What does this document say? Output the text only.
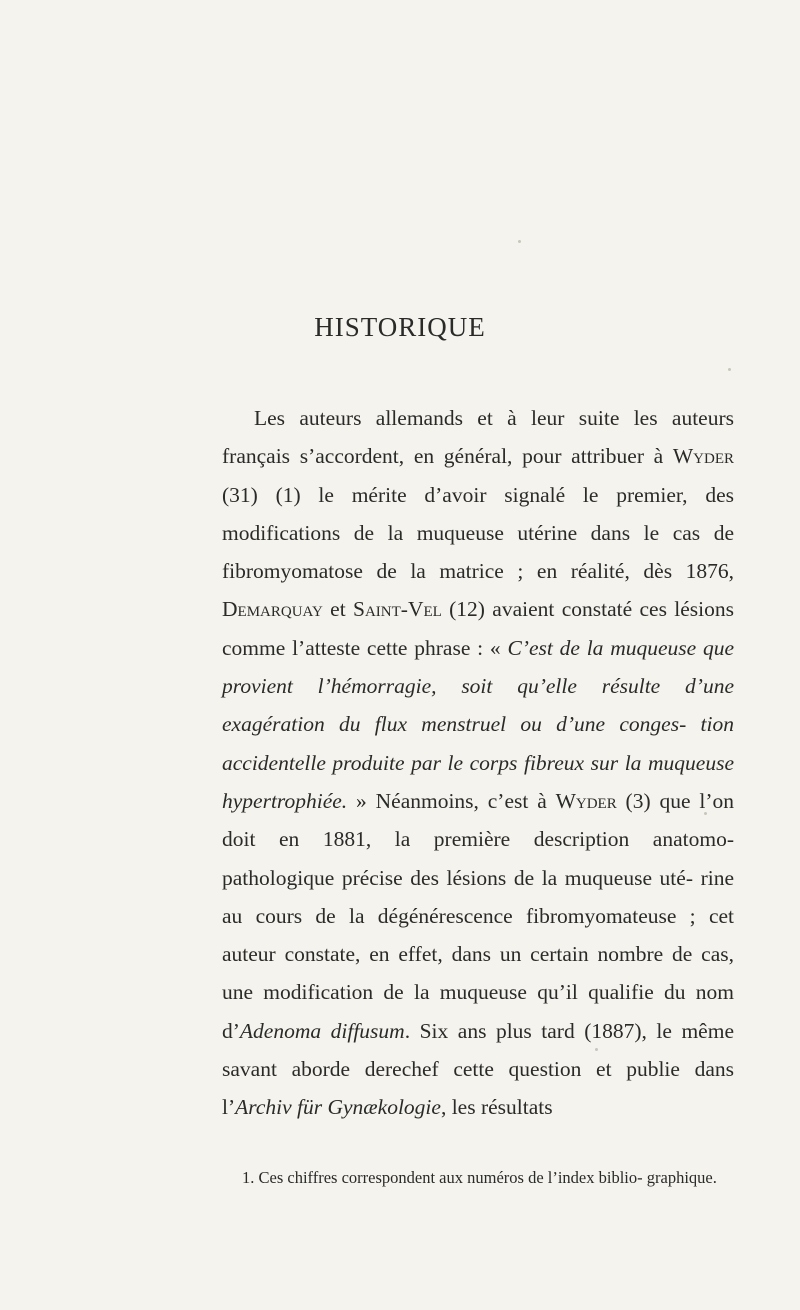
HISTORIQUE

Les auteurs allemands et à leur suite les auteurs français s’accordent, en général, pour attribuer à Wyder (31) (1) le mérite d’avoir signalé le premier, des modifications de la muqueuse utérine dans le cas de fibromyomatose de la matrice ; en réalité, dès 1876, Demarquay et Saint-Vel (12) avaient constaté ces lésions comme l’atteste cette phrase : « C’est de la muqueuse que provient l’hémorragie, soit qu’elle résulte d’une exagération du flux menstruel ou d’une conges- tion accidentelle produite par le corps fibreux sur la muqueuse hypertrophiée. » Néanmoins, c’est à Wyder (3) que l’on doit en 1881, la première description anatomo- pathologique précise des lésions de la muqueuse uté- rine au cours de la dégénérescence fibromyomateuse ; cet auteur constate, en effet, dans un certain nombre de cas, une modification de la muqueuse qu’il qualifie du nom d’Adenoma diffusum. Six ans plus tard (1887), le même savant aborde derechef cette question et publie dans l’Archiv für Gynækologie, les résultats

1. Ces chiffres correspondent aux numéros de l’index biblio- graphique.
